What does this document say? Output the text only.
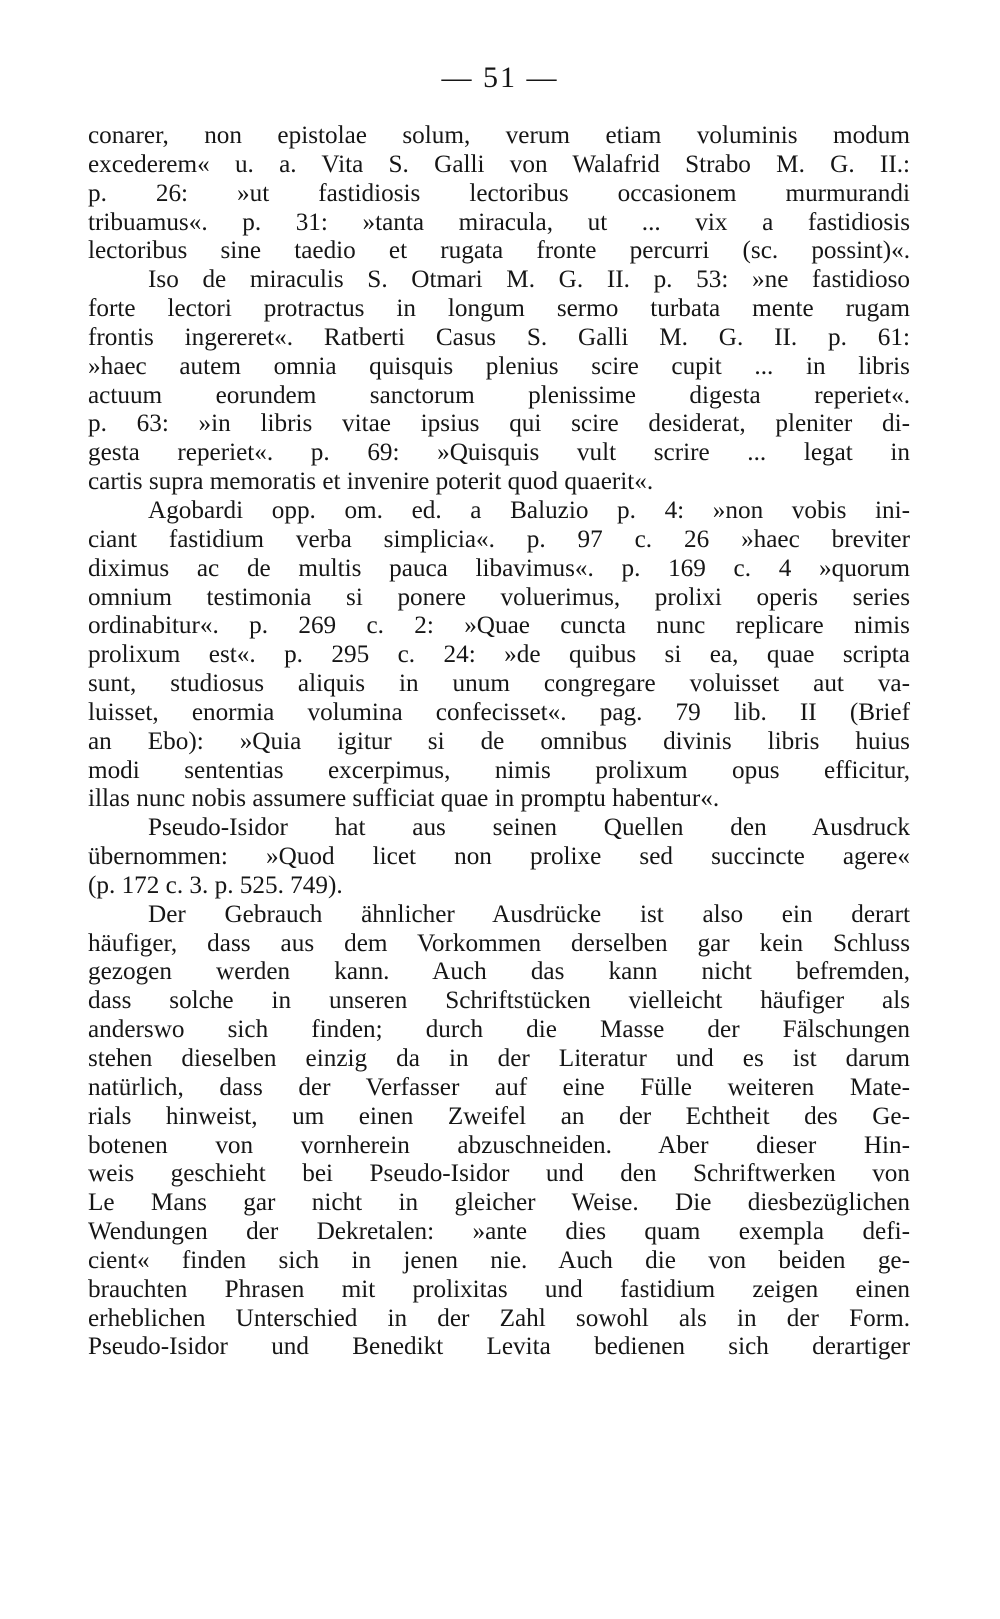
— 51 —
conarer, non epistolae solum, verum etiam voluminis modum
excederem« u. a. Vita S. Galli von Walafrid Strabo M. G. II.:
p. 26: »ut fastidiosis lectoribus occasionem murmurandi
tribuamus«. p. 31: »tanta miracula, ut ... vix a fastidiosis
lectoribus sine taedio et rugata fronte percurri (sc. possint)«.
Iso de miraculis S. Otmari M. G. II. p. 53: »ne fastidioso
forte lectori protractus in longum sermo turbata mente rugam
frontis ingereret«. Ratberti Casus S. Galli M. G. II. p. 61:
»haec autem omnia quisquis plenius scire cupit ... in libris
actuum eorundem sanctorum plenissime digesta reperiet«.
p. 63: »in libris vitae ipsius qui scire desiderat, pleniter di-
gesta reperiet«. p. 69: »Quisquis vult scrire ... legat in
cartis supra memoratis et invenire poterit quod quaerit«.
Agobardi opp. om. ed. a Baluzio p. 4: »non vobis ini-
ciant fastidium verba simplicia«. p. 97 c. 26 »haec breviter
diximus ac de multis pauca libavimus«. p. 169 c. 4 »quorum
omnium testimonia si ponere voluerimus, prolixi operis series
ordinabitur«. p. 269 c. 2: »Quae cuncta nunc replicare nimis
prolixum est«. p. 295 c. 24: »de quibus si ea, quae scripta
sunt, studiosus aliquis in unum congregare voluisset aut va-
luisset, enormia volumina confecisset«. pag. 79 lib. II (Brief
an Ebo): »Quia igitur si de omnibus divinis libris huius
modi sententias excerpimus, nimis prolixum opus efficitur,
illas nunc nobis assumere sufficiat quae in promptu habentur«.
Pseudo-Isidor hat aus seinen Quellen den Ausdruck
übernommen: »Quod licet non prolixe sed succincte agere«
(p. 172 c. 3. p. 525. 749).
Der Gebrauch ähnlicher Ausdrücke ist also ein derart
häufiger, dass aus dem Vorkommen derselben gar kein Schluss
gezogen werden kann. Auch das kann nicht befremden,
dass solche in unseren Schriftstücken vielleicht häufiger als
anderswo sich finden; durch die Masse der Fälschungen
stehen dieselben einzig da in der Literatur und es ist darum
natürlich, dass der Verfasser auf eine Fülle weiteren Mate-
rials hinweist, um einen Zweifel an der Echtheit des Ge-
botenen von vornherein abzuschneiden. Aber dieser Hin-
weis geschieht bei Pseudo-Isidor und den Schriftwerken von
Le Mans gar nicht in gleicher Weise. Die diesbezüglichen
Wendungen der Dekretalen: »ante dies quam exempla defi-
cient« finden sich in jenen nie. Auch die von beiden ge-
brauchten Phrasen mit prolixitas und fastidium zeigen einen
erheblichen Unterschied in der Zahl sowohl als in der Form.
Pseudo-Isidor und Benedikt Levita bedienen sich derartiger
